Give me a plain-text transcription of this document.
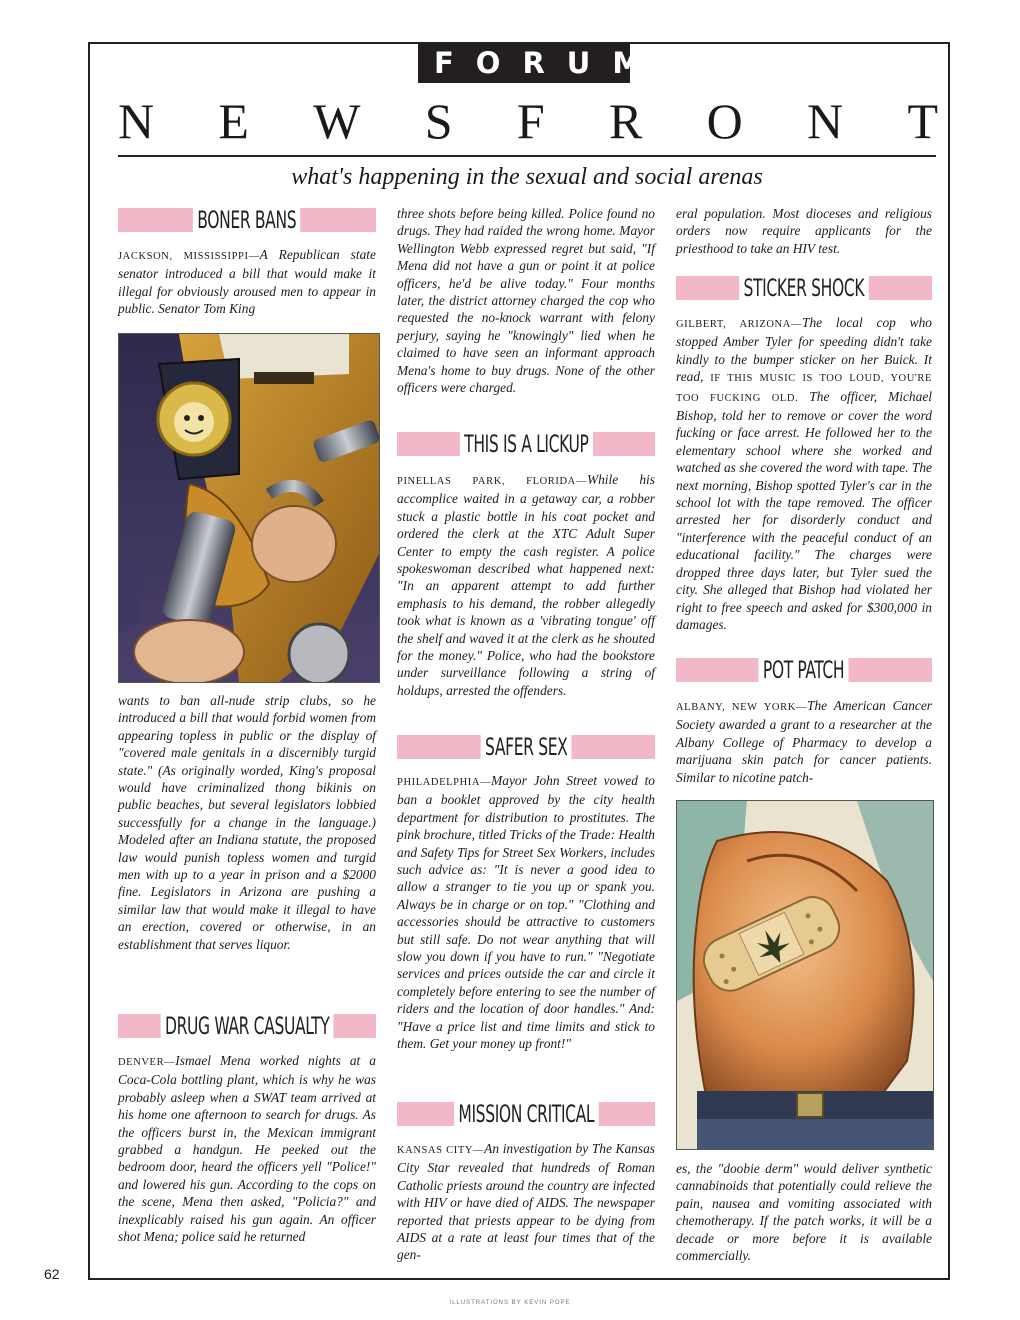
FORUM
N E W S F R O N T
what's happening in the sexual and social arenas
BONER BANS

JACKSON, MISSISSIPPI—A Republican state senator introduced a bill that would make it illegal for obviously aroused men to appear in public. Senator Tom King

wants to ban all-nude strip clubs, so he introduced a bill that would forbid women from appearing topless in public or the display of "covered male genitals in a discernibly turgid state." (As originally worded, King's proposal would have criminalized thong bikinis on public beaches, but several legislators lobbied successfully for a change in the language.) Modeled after an Indiana statute, the proposed law would punish topless women and turgid men with up to a year in prison and a $2000 fine. Legislators in Arizona are pushing a similar law that would make it illegal to have an erection, covered or otherwise, in an establishment that serves liquor.

DRUG WAR CASUALTY

DENVER—Ismael Mena worked nights at a Coca-Cola bottling plant, which is why he was probably asleep when a SWAT team arrived at his home one afternoon to search for drugs. As the officers burst in, the Mexican immigrant grabbed a handgun. He peeked out the bedroom door, heard the officers yell "Police!" and lowered his gun. According to the cops on the scene, Mena then asked, "Policia?" and inexplicably raised his gun again. An officer shot Mena; police said he returned

three shots before being killed. Police found no drugs. They had raided the wrong home. Mayor Wellington Webb expressed regret but said, "If Mena did not have a gun or point it at police officers, he'd be alive today." Four months later, the district attorney charged the cop who requested the no-knock warrant with felony perjury, saying he "knowingly" lied when he claimed to have seen an informant approach Mena's home to buy drugs. None of the other officers were charged.

THIS IS A LICKUP

PINELLAS PARK, FLORIDA—While his accomplice waited in a getaway car, a robber stuck a plastic bottle in his coat pocket and ordered the clerk at the XTC Adult Super Center to empty the cash register. A police spokeswoman described what happened next: "In an apparent attempt to add further emphasis to his demand, the robber allegedly took what is known as a 'vibrating tongue' off the shelf and waved it at the clerk as he shouted for the money." Police, who had the bookstore under surveillance following a string of holdups, arrested the offenders.

SAFER SEX

PHILADELPHIA—Mayor John Street vowed to ban a booklet approved by the city health department for distribution to prostitutes. The pink brochure, titled Tricks of the Trade: Health and Safety Tips for Street Sex Workers, includes such advice as: "It is never a good idea to allow a stranger to tie you up or spank you. Always be in charge or on top." "Clothing and accessories should be attractive to customers but still safe. Do not wear anything that will slow you down if you have to run." "Negotiate services and prices outside the car and circle it completely before entering to see the number of riders and the location of door handles." And: "Have a price list and time limits and stick to them. Get your money up front!"

MISSION CRITICAL

KANSAS CITY—An investigation by The Kansas City Star revealed that hundreds of Roman Catholic priests around the country are infected with HIV or have died of AIDS. The newspaper reported that priests appear to be dying from AIDS at a rate at least four times that of the gen-

eral population. Most dioceses and religious orders now require applicants for the priesthood to take an HIV test.

STICKER SHOCK

GILBERT, ARIZONA—The local cop who stopped Amber Tyler for speeding didn't take kindly to the bumper sticker on her Buick. It read, IF THIS MUSIC IS TOO LOUD, YOU'RE TOO FUCKING OLD. The officer, Michael Bishop, told her to remove or cover the word fucking or face arrest. He followed her to the elementary school where she worked and watched as she covered the word with tape. The next morning, Bishop spotted Tyler's car in the school lot with the tape removed. The officer arrested her for disorderly conduct and "interference with the peaceful conduct of an educational facility." The charges were dropped three days later, but Tyler sued the city. She alleged that Bishop had violated her right to free speech and asked for $300,000 in damages.

POT PATCH

ALBANY, NEW YORK—The American Cancer Society awarded a grant to a researcher at the Albany College of Pharmacy to develop a marijuana skin patch for cancer patients. Similar to nicotine patch-

es, the "doobie derm" would deliver synthetic cannabinoids that potentially could relieve the pain, nausea and vomiting associated with chemotherapy. If the patch works, it will be a decade or more before it is available commercially.

62
ILLUSTRATIONS BY KEVIN POPE
